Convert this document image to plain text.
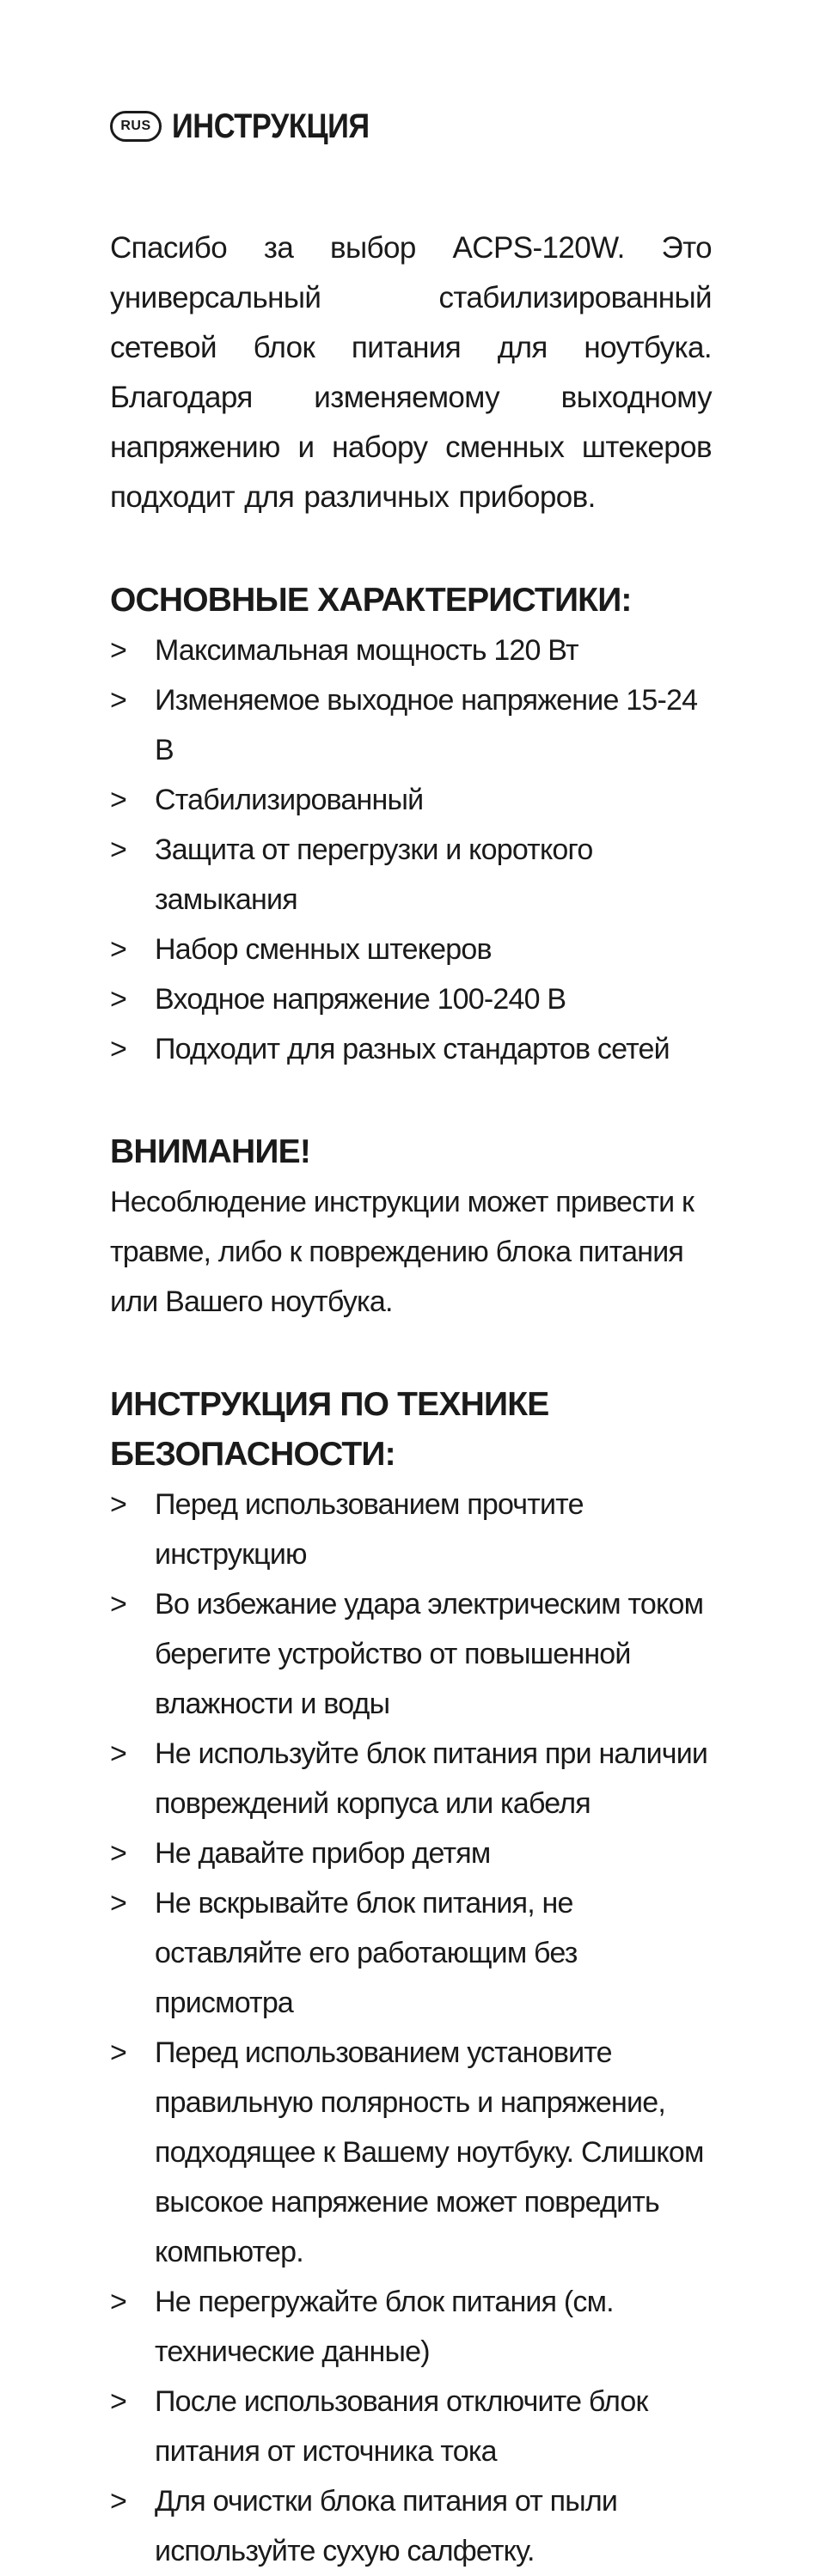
RUS ИНСТРУКЦИЯ

Спасибо за выбор ACPS-120W. Это универсальный стабилизированный сетевой блок питания для ноутбука. Благодаря изменяемому выходному напряжению и набору сменных штекеров подходит для различных приборов.

ОСНОВНЫЕ ХАРАКТЕРИСТИКИ:
> Максимальная мощность 120 Вт
> Изменяемое выходное напряжение 15-24 В
> Стабилизированный
> Защита от перегрузки и короткого замыкания
> Набор сменных штекеров
> Входное напряжение 100-240 В
> Подходит для разных стандартов сетей
ВНИМАНИЕ!

Несоблюдение инструкции может привести к травме, либо к повреждению блока питания или Вашего ноутбука.

ИНСТРУКЦИЯ ПО ТЕХНИКЕ
БЕЗОПАСНОСТИ:
> Перед использованием прочтите инструкцию
> Во избежание удара электрическим током берегите устройство от повышенной влажности и воды
> Не используйте блок питания при наличии повреждений корпуса или кабеля
> Не давайте прибор детям
> Не вскрывайте блок питания, не оставляйте его работающим без присмотра
> Перед использованием установите правильную полярность и напряжение, подходящее к Вашему ноутбуку. Слишком высокое напряжение может повредить компьютер.
> Не перегружайте блок питания (см. технические данные)
> После использования отключите блок питания от источника тока
> Для очистки блока питания от пыли используйте сухую салфетку.
